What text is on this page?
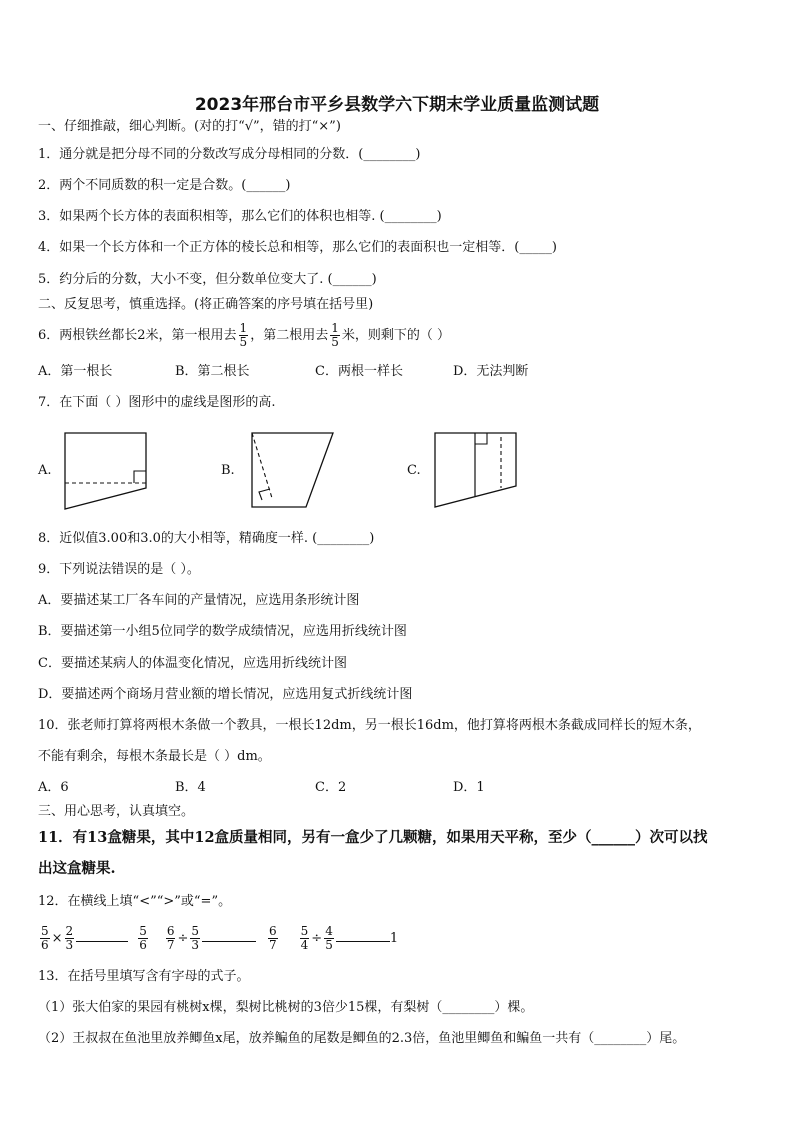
2023年邢台市平乡县数学六下期末学业质量监测试题
一、仔细推敲，细心判断。(对的打“√”，错的打“×”)
1．通分就是把分母不同的分数改写成分母相同的分数．(________)
2．两个不同质数的积一定是合数。(______)
3．如果两个长方体的表面积相等，那么它们的体积也相等. (________)
4．如果一个长方体和一个正方体的棱长总和相等，那么它们的表面积也一定相等．(_____)
5．约分后的分数，大小不变，但分数单位变大了. (______)
二、反复思考，慎重选择。(将正确答案的序号填在括号里)
6．两根铁丝都长2米，第一根用去 $\frac{1}{5}$ ，第二根用去 $\frac{1}{5}$ 米，则剩下的（ ）
A．第一根长	B．第二根长	C．两根一样长	D．无法判断
7．在下面（ ）图形中的虚线是图形的高.
A.	B.	C.
8．近似值3.00和3.0的大小相等，精确度一样. (________)
9．下列说法错误的是（ ）。
A．要描述某工厂各车间的产量情况，应选用条形统计图
B．要描述第一小组5位同学的数学成绩情况，应选用折线统计图
C．要描述某病人的体温变化情况，应选用折线统计图
D．要描述两个商场月营业额的增长情况，应选用复式折线统计图
10．张老师打算将两根木条做一个教具，一根长12dm，另一根长16dm，他打算将两根木条截成同样长的短木条，
不能有剩余，每根木条最长是（ ）dm。
A．6	B．4	C．2	D．1
三、用心思考，认真填空。
11．有13盒糖果，其中12盒质量相同，另有一盒少了几颗糖，如果用天平称，至少（______）次可以找
出这盒糖果.
12．在横线上填“<”“>”或“=”。
$\frac{5}{6} \times \frac{2}{3}$	$\frac{5}{6} \frac{6}{7} \div \frac{5}{3}$	$\frac{6}{7} \frac{5}{4} \div \frac{4}{5}$	1
13．在括号里填写含有字母的式子。
（1）张大伯家的果园有桃树x棵，梨树比桃树的3倍少15棵，有梨树（________）棵。
（2）王叔叔在鱼池里放养鲫鱼x尾，放养鳊鱼的尾数是鲫鱼的2.3倍，鱼池里鲫鱼和鳊鱼一共有（________）尾。
